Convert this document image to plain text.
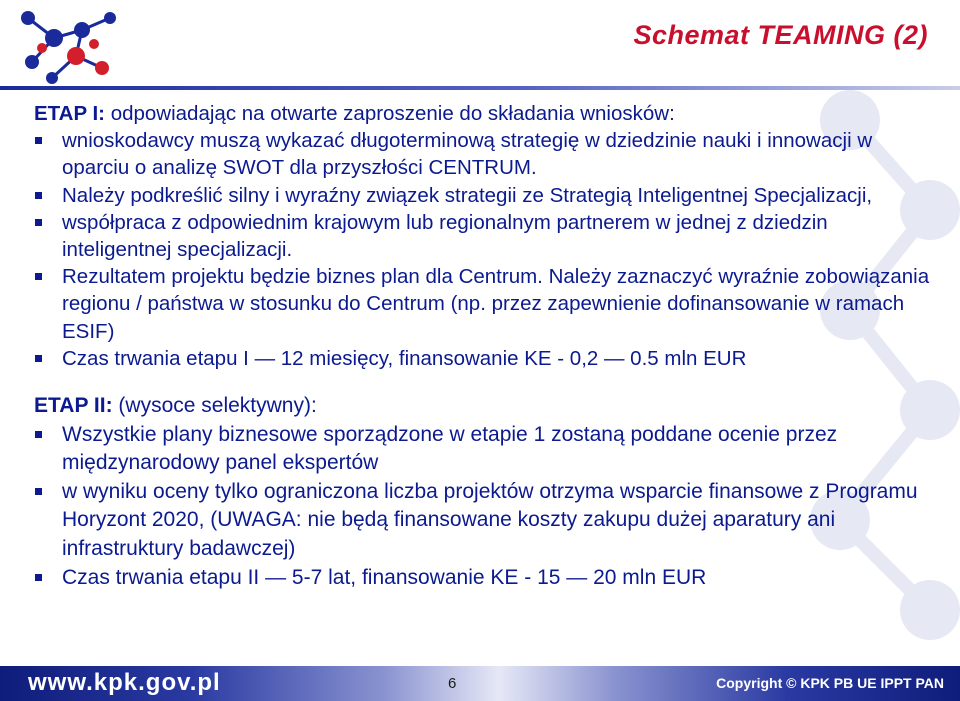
Schemat TEAMING (2)

ETAP I: odpowiadając na otwarte zaproszenie do składania wniosków:

wnioskodawcy muszą wykazać długoterminową strategię w dziedzinie nauki i innowacji w oparciu o analizę SWOT dla przyszłości CENTRUM.
Należy podkreślić silny i wyraźny związek strategii ze Strategią Inteligentnej Specjalizacji,
współpraca z odpowiednim krajowym lub regionalnym partnerem w jednej z dziedzin inteligentnej specjalizacji.
Rezultatem projektu będzie biznes plan dla Centrum. Należy zaznaczyć wyraźnie zobowiązania regionu / państwa w stosunku do Centrum (np. przez zapewnienie dofinansowanie w ramach ESIF)
Czas trwania etapu I — 12 miesięcy, finansowanie KE - 0,2 — 0.5 mln EUR

ETAP II: (wysoce selektywny):

Wszystkie plany biznesowe sporządzone w etapie 1 zostaną poddane ocenie przez międzynarodowy panel ekspertów
w wyniku oceny tylko ograniczona liczba projektów otrzyma wsparcie finansowe z Programu Horyzont 2020, (UWAGA: nie będą finansowane koszty zakupu dużej aparatury ani infrastruktury badawczej)
Czas trwania etapu II — 5-7 lat, finansowanie KE - 15 — 20 mln EUR
www.kpk.gov.pl	6	Copyright © KPK PB UE IPPT PAN
